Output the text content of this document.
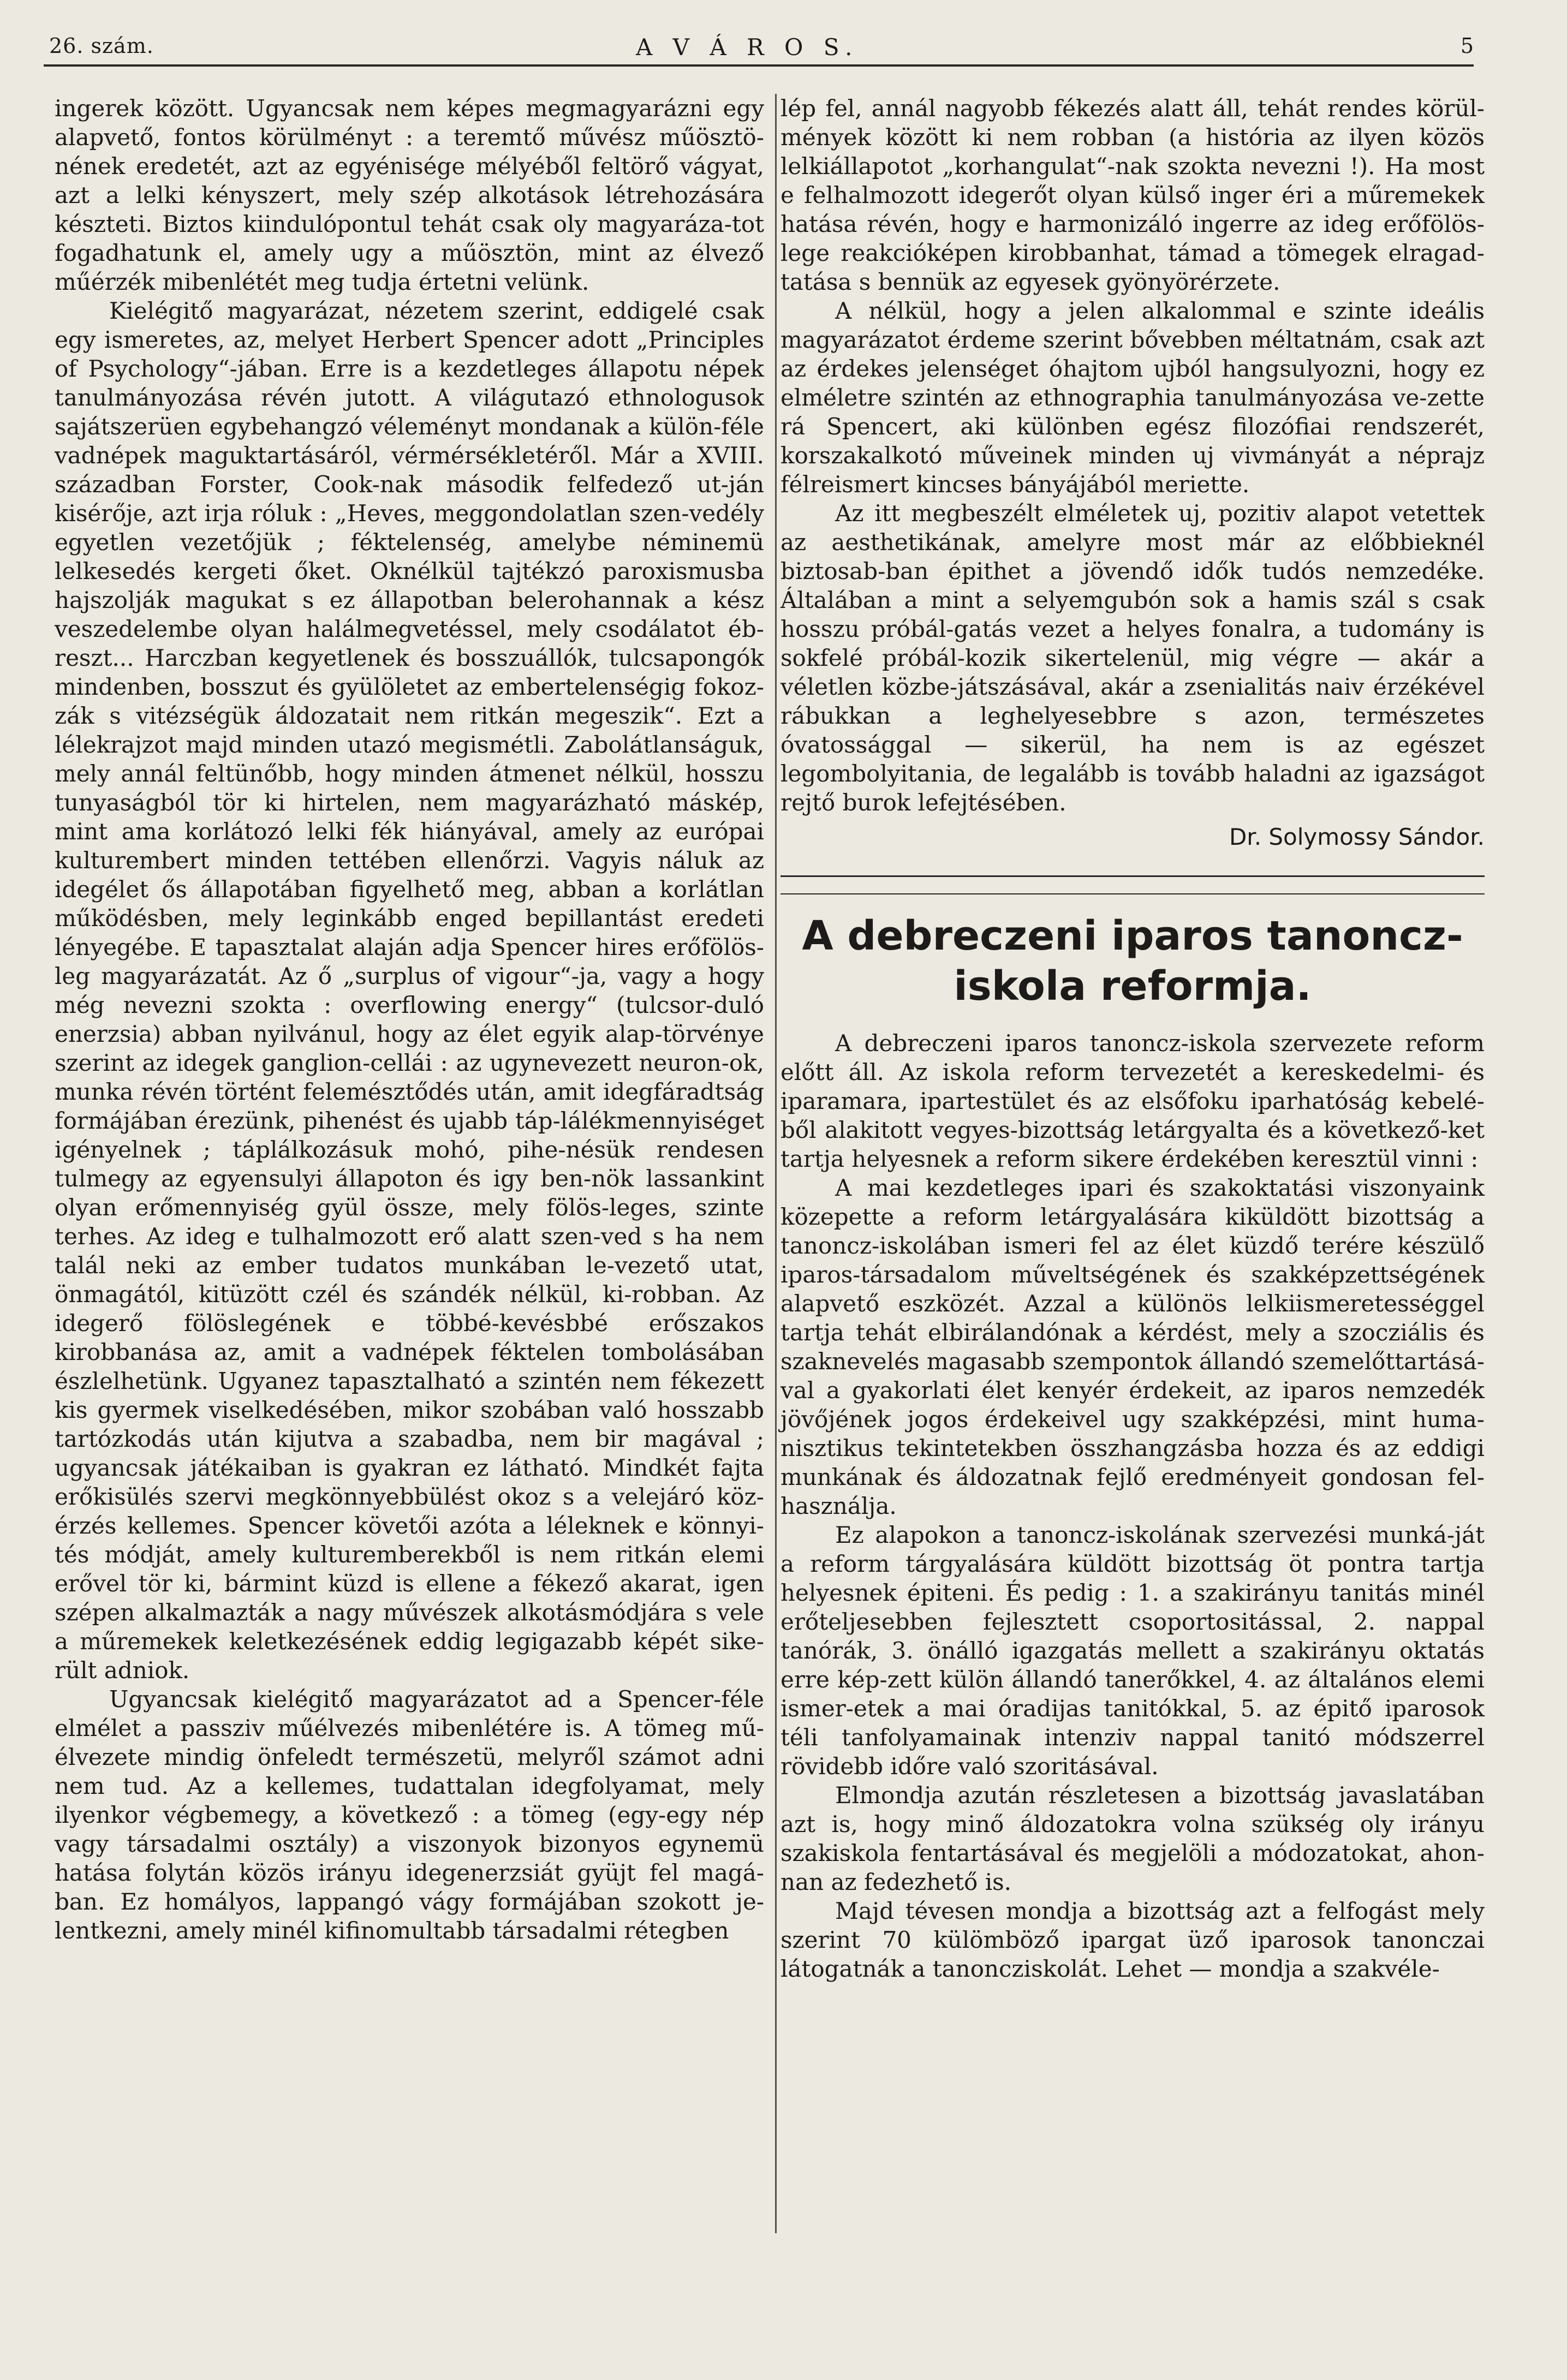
26. szám.	A V Á R O S.	5

ingerek között. Ugyancsak nem képes megmagyarázni egy alapvető, fontos körülményt : a teremtő művész műösztö-nének eredetét, azt az egyénisége mélyéből feltörő vágyat, azt a lelki kényszert, mely szép alkotások létrehozására készteti. Biztos kiindulópontul tehát csak oly magyaráza-tot fogadhatunk el, amely ugy a műösztön, mint az élvező műérzék mibenlétét meg tudja értetni velünk.

Kielégitő magyarázat, nézetem szerint, eddigelé csak egy ismeretes, az, melyet Herbert Spencer adott „Principles of Psychology“-jában. Erre is a kezdetleges állapotu népek tanulmányozása révén jutott. A világutazó ethnologusok sajátszerüen egybehangzó véleményt mondanak a külön-féle vadnépek maguktartásáról, vérmérsékletéről. Már a XVIII. században Forster, Cook-nak második felfedező ut-ján kisérője, azt irja róluk : „Heves, meggondolatlan szen-vedély egyetlen vezetőjük ; féktelenség, amelybe néminemü lelkesedés kergeti őket. Oknélkül tajtékzó paroxismusba hajszolják magukat s ez állapotban belerohannak a kész veszedelembe olyan halálmegvetéssel, mely csodálatot éb-reszt... Harczban kegyetlenek és bosszuállók, tulcsapongók mindenben, bosszut és gyülöletet az embertelenségig fokoz-zák s vitézségük áldozatait nem ritkán megeszik“. Ezt a lélekrajzot majd minden utazó megismétli. Zabolátlanságuk, mely annál feltünőbb, hogy minden átmenet nélkül, hosszu tunyaságból tör ki hirtelen, nem magyarázható máskép, mint ama korlátozó lelki fék hiányával, amely az európai kulturembert minden tettében ellenőrzi. Vagyis náluk az idegélet ős állapotában figyelhető meg, abban a korlátlan működésben, mely leginkább enged bepillantást eredeti lényegébe. E tapasztalat alaján adja Spencer hires erőfölös-leg magyarázatát. Az ő „surplus of vigour“-ja, vagy a hogy még nevezni szokta : overflowing energy“ (tulcsor-duló enerzsia) abban nyilvánul, hogy az élet egyik alap-törvénye szerint az idegek ganglion-cellái : az ugynevezett neuron-ok, munka révén történt felemésztődés után, amit idegfáradtság formájában érezünk, pihenést és ujabb táp-lálékmennyiséget igényelnek ; táplálkozásuk mohó, pihe-nésük rendesen tulmegy az egyensulyi állapoton és igy ben-nök lassankint olyan erőmennyiség gyül össze, mely fölös-leges, szinte terhes. Az ideg e tulhalmozott erő alatt szen-ved s ha nem talál neki az ember tudatos munkában le-vezető utat, önmagától, kitüzött czél és szándék nélkül, ki-robban. Az idegerő fölöslegének e többé-kevésbbé erőszakos kirobbanása az, amit a vadnépek féktelen tombolásában észlelhetünk. Ugyanez tapasztalható a szintén nem fékezett kis gyermek viselkedésében, mikor szobában való hosszabb tartózkodás után kijutva a szabadba, nem bir magával ; ugyancsak játékaiban is gyakran ez látható. Mindkét fajta erőkisülés szervi megkönnyebbülést okoz s a velejáró köz-érzés kellemes. Spencer követői azóta a léleknek e könnyi-tés módját, amely kulturemberekből is nem ritkán elemi erővel tör ki, bármint küzd is ellene a fékező akarat, igen szépen alkalmazták a nagy művészek alkotásmódjára s vele a műremekek keletkezésének eddig legigazabb képét sike-rült adniok.

Ugyancsak kielégitő magyarázatot ad a Spencer-féle elmélet a passziv műélvezés mibenlétére is. A tömeg mű-élvezete mindig önfeledt természetü, melyről számot adni nem tud. Az a kellemes, tudattalan idegfolyamat, mely ilyenkor végbemegy, a következő : a tömeg (egy-egy nép vagy társadalmi osztály) a viszonyok bizonyos egynemü hatása folytán közös irányu idegenerzsiát gyüjt fel magá-ban. Ez homályos, lappangó vágy formájában szokott je-lentkezni, amely minél kifinomultabb társadalmi rétegben

lép fel, annál nagyobb fékezés alatt áll, tehát rendes körül-mények között ki nem robban (a história az ilyen közös lelkiállapotot „korhangulat“-nak szokta nevezni !). Ha most e felhalmozott idegerőt olyan külső inger éri a műremekek hatása révén, hogy e harmonizáló ingerre az ideg erőfölös-lege reakcióképen kirobbanhat, támad a tömegek elragad-tatása s bennük az egyesek gyönyörérzete.

A nélkül, hogy a jelen alkalommal e szinte ideális magyarázatot érdeme szerint bővebben méltatnám, csak azt az érdekes jelenséget óhajtom ujból hangsulyozni, hogy ez elméletre szintén az ethnographia tanulmányozása ve-zette rá Spencert, aki különben egész filozófiai rendszerét, korszakalkotó műveinek minden uj vivmányát a néprajz félreismert kincses bányájából meriette.

Az itt megbeszélt elméletek uj, pozitiv alapot vetettek az aesthetikának, amelyre most már az előbbieknél biztosab-ban épithet a jövendő idők tudós nemzedéke. Általában a mint a selyemgubón sok a hamis szál s csak hosszu próbál-gatás vezet a helyes fonalra, a tudomány is sokfelé próbál-kozik sikertelenül, mig végre — akár a véletlen közbe-játszásával, akár a zsenialitás naiv érzékével rábukkan a leghelyesebbre s azon, természetes óvatossággal — sikerül, ha nem is az egészet legombolyitania, de legalább is tovább haladni az igazságot rejtő burok lefejtésében.

Dr. Solymossy Sándor.

A debreczeni iparos tanoncz-iskola reformja.

A debreczeni iparos tanoncz-iskola szervezete reform előtt áll. Az iskola reform tervezetét a kereskedelmi- és iparamara, ipartestület és az elsőfoku iparhatóság kebelé-ből alakitott vegyes-bizottság letárgyalta és a következő-ket tartja helyesnek a reform sikere érdekében keresztül vinni :

A mai kezdetleges ipari és szakoktatási viszonyaink közepette a reform letárgyalására kiküldött bizottság a tanoncz-iskolában ismeri fel az élet küzdő terére készülő iparos-társadalom műveltségének és szakképzettségének alapvető eszközét. Azzal a különös lelkiismeretességgel tartja tehát elbirálandónak a kérdést, mely a szocziális és szaknevelés magasabb szempontok állandó szemelőttartásá-val a gyakorlati élet kenyér érdekeit, az iparos nemzedék jövőjének jogos érdekeivel ugy szakképzési, mint huma-nisztikus tekintetekben összhangzásba hozza és az eddigi munkának és áldozatnak fejlő eredményeit gondosan fel-használja.

Ez alapokon a tanoncz-iskolának szervezési munká-ját a reform tárgyalására küldött bizottság öt pontra tartja helyesnek épiteni. És pedig : 1. a szakirányu tanitás minél erőteljesebben fejlesztett csoportositással, 2. nappal tanórák, 3. önálló igazgatás mellett a szakirányu oktatás erre kép-zett külön állandó tanerőkkel, 4. az általános elemi ismer-etek a mai óradijas tanitókkal, 5. az épitő iparosok téli tanfolyamainak intenziv nappal tanitó módszerrel rövidebb időre való szoritásával.

Elmondja azután részletesen a bizottság javaslatában azt is, hogy minő áldozatokra volna szükség oly irányu szakiskola fentartásával és megjelöli a módozatokat, ahon-nan az fedezhető is.

Majd tévesen mondja a bizottság azt a felfogást mely szerint 70 külömböző ipargat üző iparosok tanonczai látogatnák a tanoncziskolát. Lehet — mondja a szakvéle-
